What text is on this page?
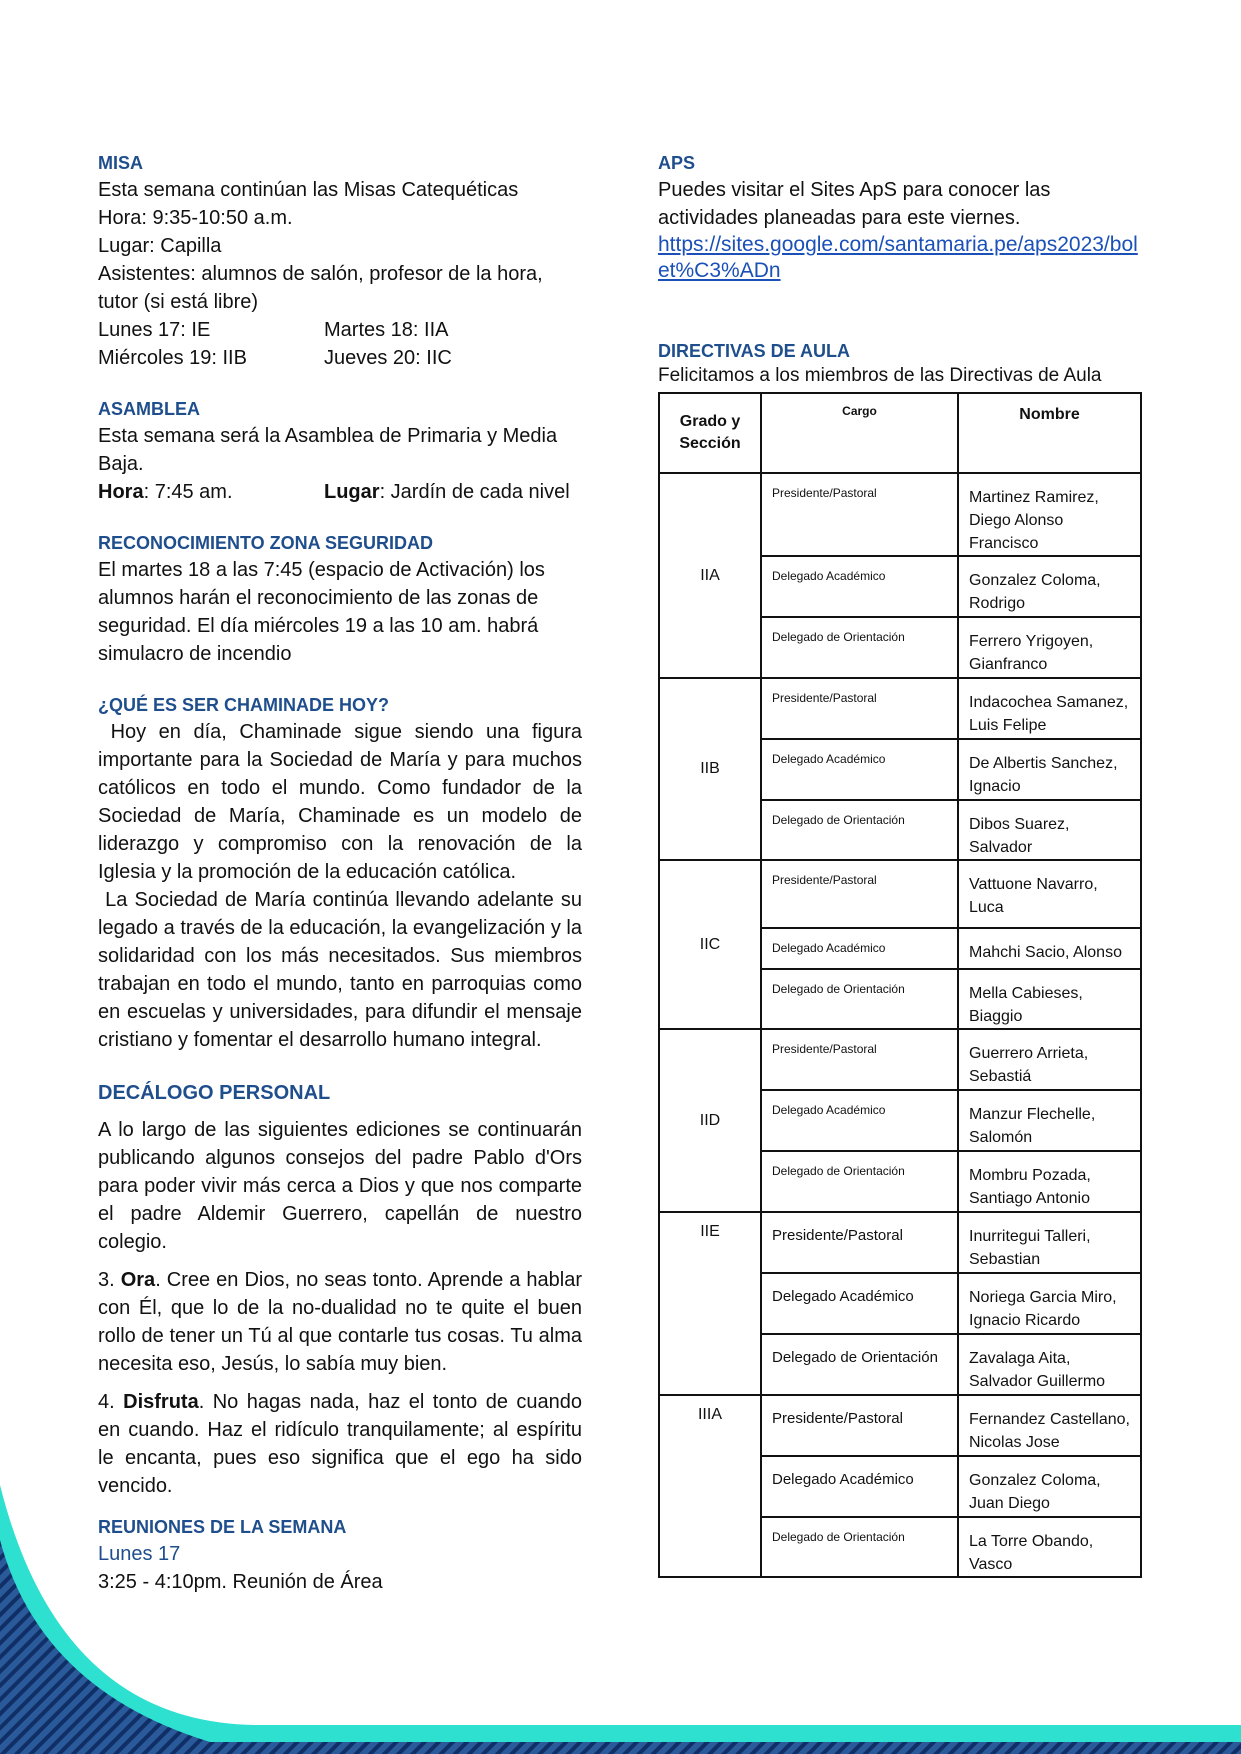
MISA

Esta semana continúan las Misas Catequéticas

Hora: 9:35-10:50 a.m.

Lugar: Capilla

Asistentes: alumnos de salón, profesor de la hora, tutor (si está libre)

Lunes 17: IE	Martes 18: IIA
Miércoles 19: IIB	Jueves 20: IIC

ASAMBLEA

Esta semana será la Asamblea de Primaria y Media Baja.

Hora: 7:45 am.	Lugar: Jardín de cada nivel

RECONOCIMIENTO ZONA SEGURIDAD

El martes 18 a las 7:45 (espacio de Activación) los alumnos harán el reconocimiento de las zonas de seguridad. El día miércoles 19 a las 10 am. habrá simulacro de incendio

¿QUÉ ES SER CHAMINADE HOY?

Hoy en día, Chaminade sigue siendo una figura importante para la Sociedad de María y para muchos católicos en todo el mundo. Como fundador de la Sociedad de María, Chaminade es un modelo de liderazgo y compromiso con la renovación de la Iglesia y la promoción de la educación católica.

La Sociedad de María continúa llevando adelante su legado a través de la educación, la evangelización y la solidaridad con los más necesitados. Sus miembros trabajan en todo el mundo, tanto en parroquias como en escuelas y universidades, para difundir el mensaje cristiano y fomentar el desarrollo humano integral.

DECÁLOGO PERSONAL

A lo largo de las siguientes ediciones se continuarán publicando algunos consejos del padre Pablo d'Ors para poder vivir más cerca a Dios y que nos comparte el padre Aldemir Guerrero, capellán de nuestro colegio.

3. Ora. Cree en Dios, no seas tonto. Aprende a hablar con Él, que lo de la no-dualidad no te quite el buen rollo de tener un Tú al que contarle tus cosas. Tu alma necesita eso, Jesús, lo sabía muy bien.

4. Disfruta. No hagas nada, haz el tonto de cuando en cuando. Haz el ridículo tranquilamente; al espíritu le encanta, pues eso significa que el ego ha sido vencido.

REUNIONES DE LA SEMANA

Lunes 17

3:25 - 4:10pm. Reunión de Área

APS

Puedes visitar el Sites ApS para conocer las actividades planeadas para este viernes.

https://sites.google.com/santamaria.pe/aps2023/bolet%C3%ADn

DIRECTIVAS DE AULA

Felicitamos a los miembros de las Directivas de Aula

Grado y Sección	Cargo	Nombre
IIA	Presidente/Pastoral	Martinez Ramirez, Diego Alonso Francisco
	Delegado Académico	Gonzalez Coloma, Rodrigo
	Delegado de Orientación	Ferrero Yrigoyen, Gianfranco
IIB	Presidente/Pastoral	Indacochea Samanez, Luis Felipe
	Delegado Académico	De Albertis Sanchez, Ignacio
	Delegado de Orientación	Dibos Suarez, Salvador
IIC	Presidente/Pastoral	Vattuone Navarro, Luca
	Delegado Académico	Mahchi Sacio, Alonso
	Delegado de Orientación	Mella Cabieses, Biaggio
IID	Presidente/Pastoral	Guerrero Arrieta, Sebastiá
	Delegado Académico	Manzur Flechelle, Salomón
	Delegado de Orientación	Mombru Pozada, Santiago Antonio
IIE	Presidente/Pastoral	Inurritegui Talleri, Sebastian
	Delegado Académico	Noriega Garcia Miro, Ignacio Ricardo
	Delegado de Orientación	Zavalaga Aita, Salvador Guillermo
IIIA	Presidente/Pastoral	Fernandez Castellano, Nicolas Jose
	Delegado Académico	Gonzalez Coloma, Juan Diego
	Delegado de Orientación	La Torre Obando, Vasco
